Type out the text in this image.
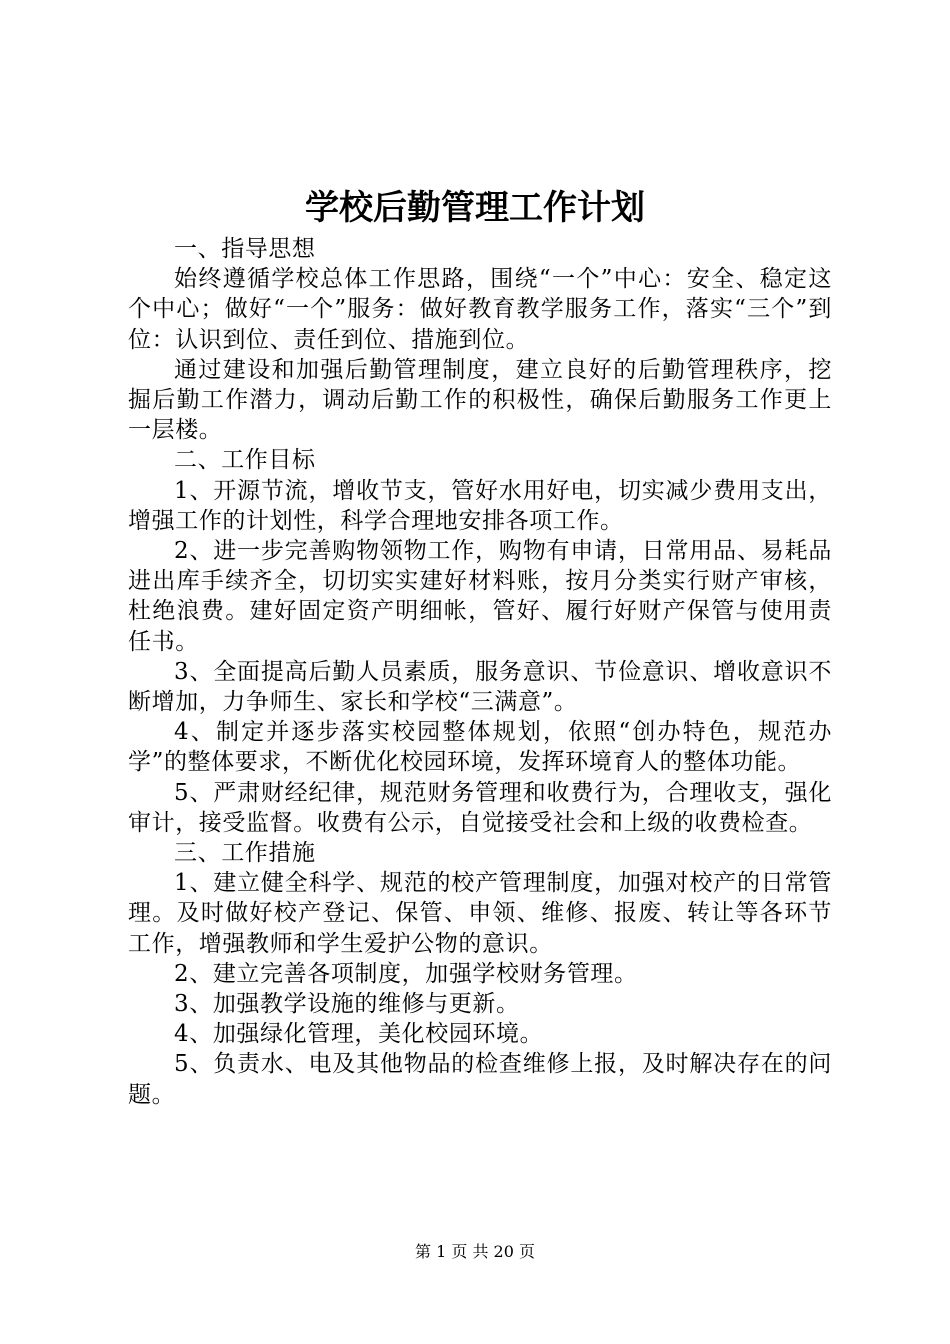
学校后勤管理工作计划

一、指导思想

始终遵循学校总体工作思路，围绕“一个”中心：安全、稳定这个中心；做好“一个”服务：做好教育教学服务工作，落实“三个”到位：认识到位、责任到位、措施到位。

通过建设和加强后勤管理制度，建立良好的后勤管理秩序，挖掘后勤工作潜力，调动后勤工作的积极性，确保后勤服务工作更上一层楼。

二、工作目标

1、开源节流，增收节支，管好水用好电，切实减少费用支出，增强工作的计划性，科学合理地安排各项工作。

2、进一步完善购物领物工作，购物有申请，日常用品、易耗品进出库手续齐全，切切实实建好材料账，按月分类实行财产审核，杜绝浪费。建好固定资产明细帐，管好、履行好财产保管与使用责任书。

3、全面提高后勤人员素质，服务意识、节俭意识、增收意识不断增加，力争师生、家长和学校“三满意”。

4、制定并逐步落实校园整体规划，依照“创办特色，规范办学”的整体要求，不断优化校园环境，发挥环境育人的整体功能。

5、严肃财经纪律，规范财务管理和收费行为，合理收支，强化审计，接受监督。收费有公示，自觉接受社会和上级的收费检查。

三、工作措施

1、建立健全科学、规范的校产管理制度，加强对校产的日常管理。及时做好校产登记、保管、申领、维修、报废、转让等各环节工作，增强教师和学生爱护公物的意识。

2、建立完善各项制度，加强学校财务管理。

3、加强教学设施的维修与更新。

4、加强绿化管理，美化校园环境。

5、负责水、电及其他物品的检查维修上报，及时解决存在的问题。

第 1 页 共 20 页
